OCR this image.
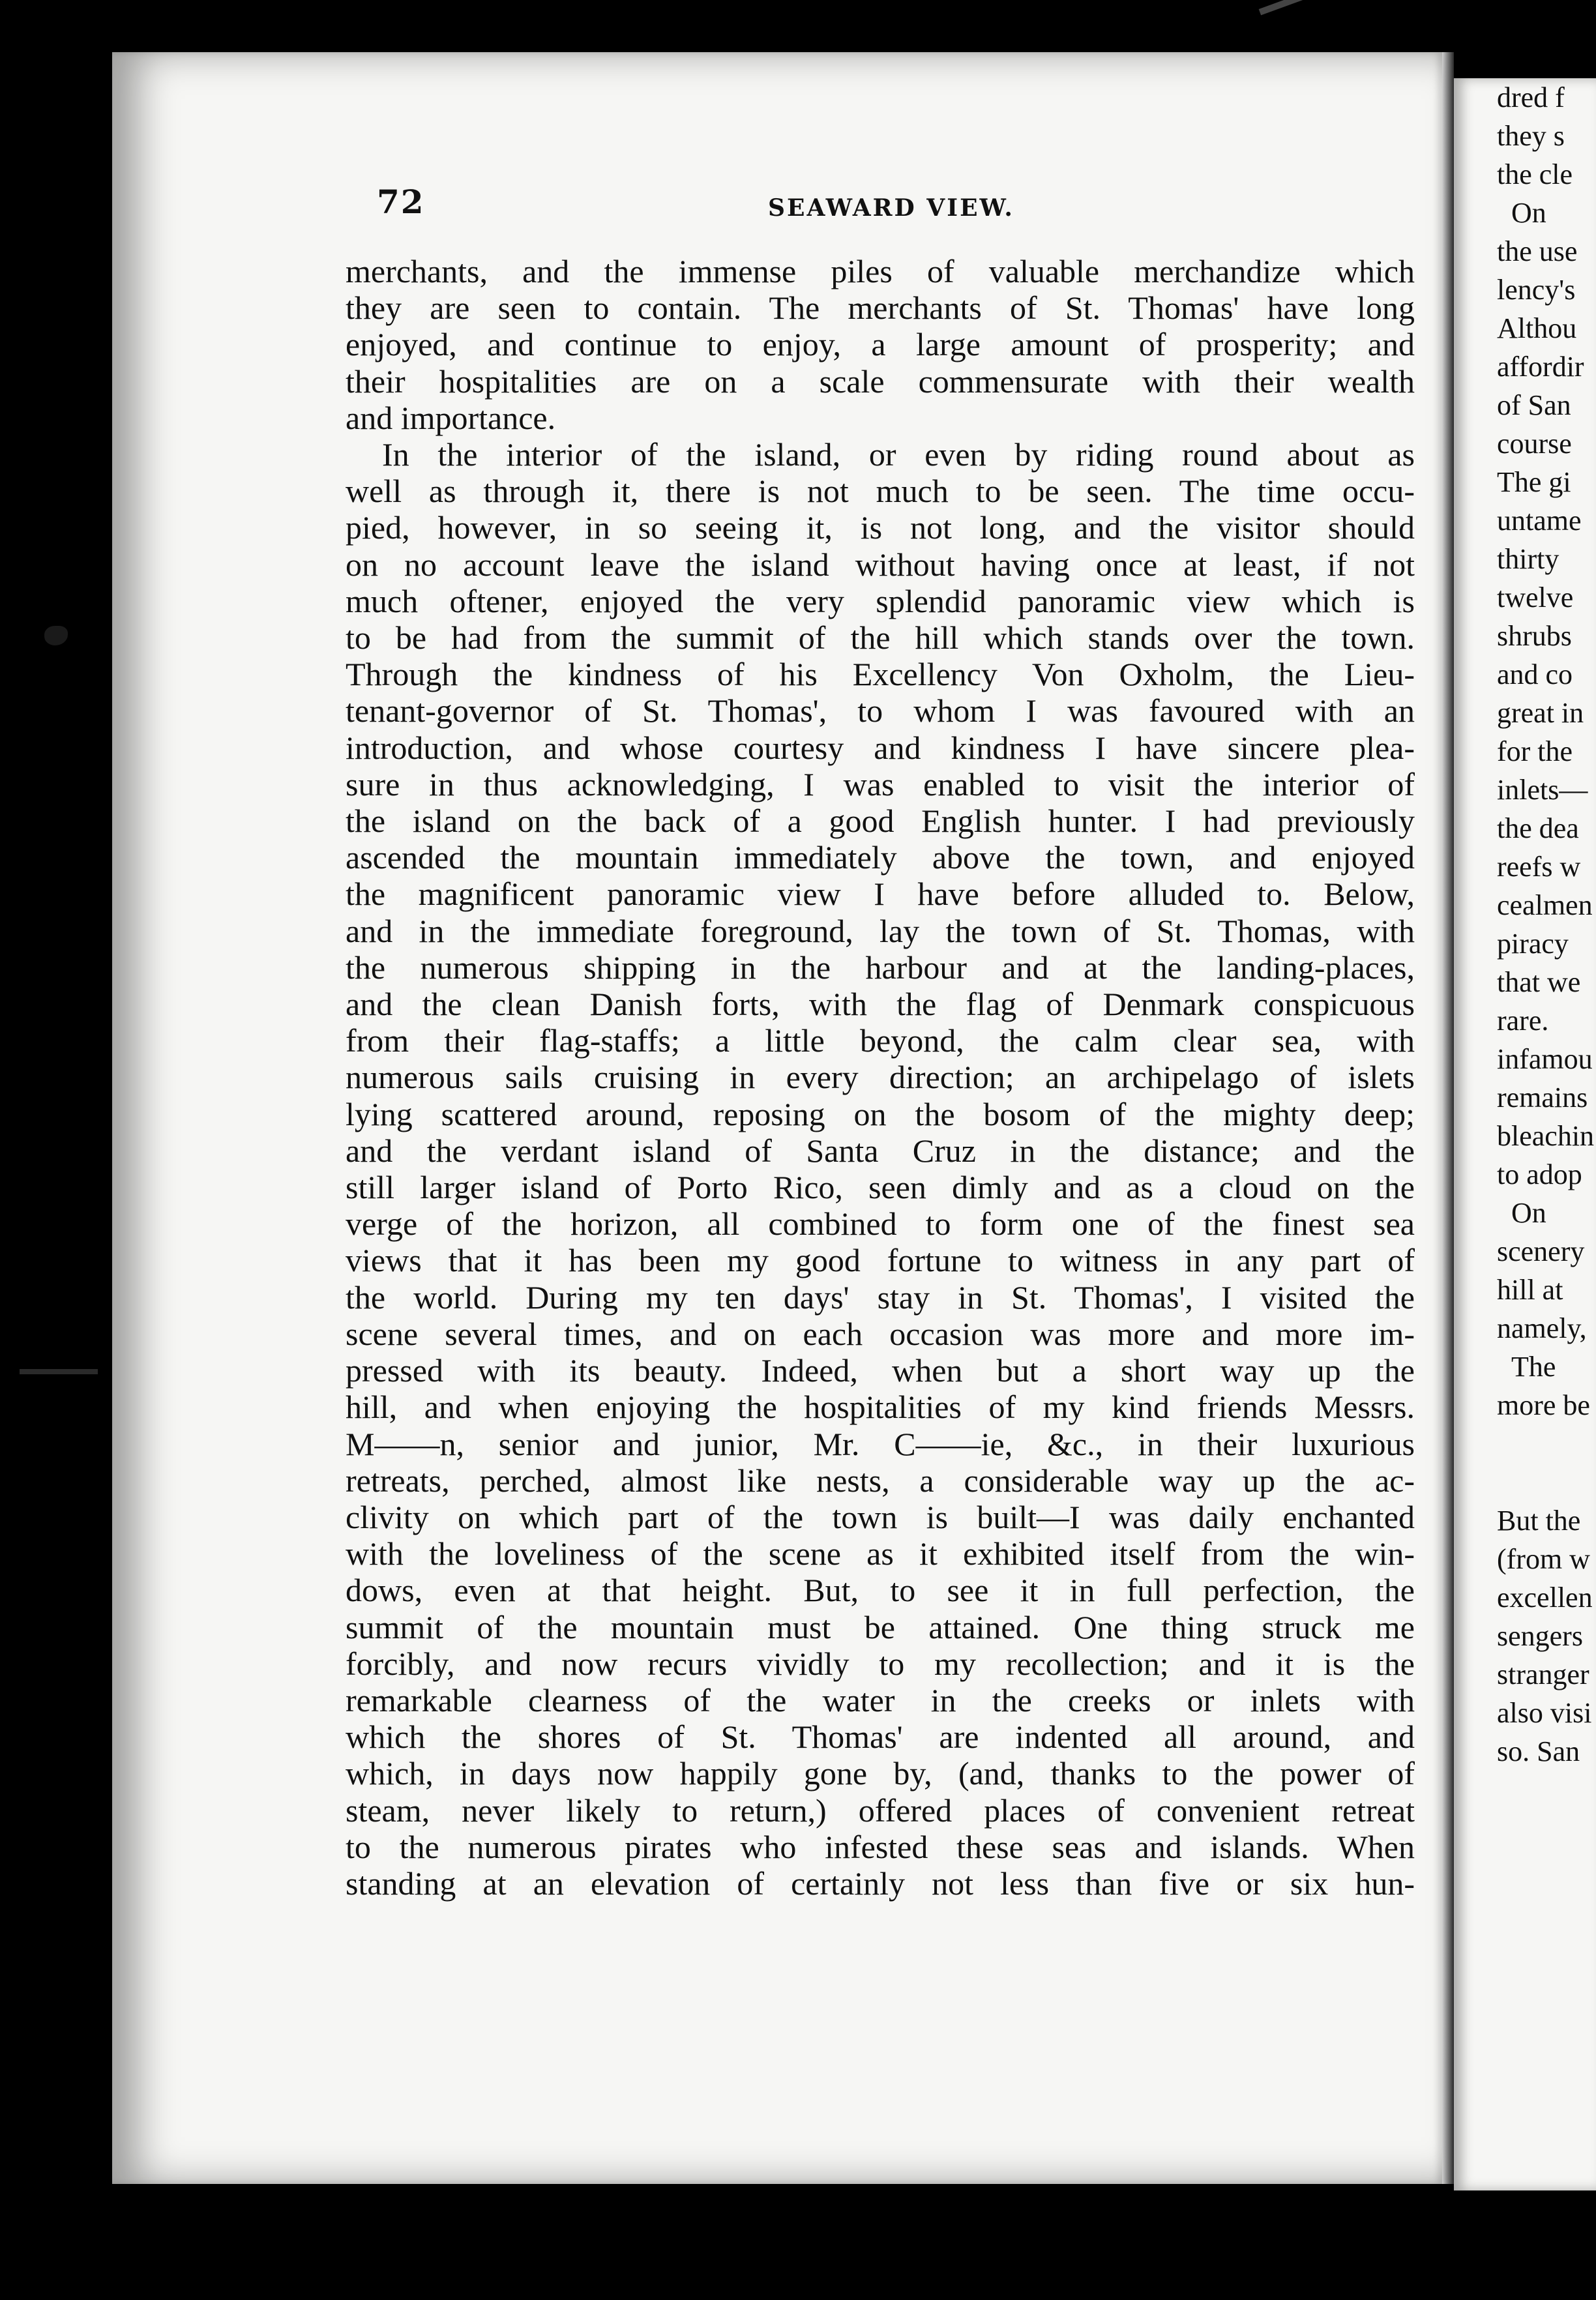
dred f
they s
the cle
On
the use
lency's
Althou
affordir
of San
course
The gi
untame
thirty
twelve
shrubs
and co
great in
for the
inlets—
the dea
reefs w
cealmen
piracy
that we
rare.
infamou
remains
bleachin
to adop
On
scenery
hill at
namely,
The
more be
But the
(from w
excellen
sengers
stranger
also visi
so. San
72	SEAWARD VIEW.

merchants, and the immense piles of valuable merchandize which
they are seen to contain. The merchants of St. Thomas' have long
enjoyed, and continue to enjoy, a large amount of prosperity; and
their hospitalities are on a scale commensurate with their wealth
and importance.

In the interior of the island, or even by riding round about as
well as through it, there is not much to be seen. The time occu-
pied, however, in so seeing it, is not long, and the visitor should
on no account leave the island without having once at least, if not
much oftener, enjoyed the very splendid panoramic view which is
to be had from the summit of the hill which stands over the town.
Through the kindness of his Excellency Von Oxholm, the Lieu-
tenant-governor of St. Thomas', to whom I was favoured with an
introduction, and whose courtesy and kindness I have sincere plea-
sure in thus acknowledging, I was enabled to visit the interior of
the island on the back of a good English hunter. I had previously
ascended the mountain immediately above the town, and enjoyed
the magnificent panoramic view I have before alluded to. Below,
and in the immediate foreground, lay the town of St. Thomas, with
the numerous shipping in the harbour and at the landing-places,
and the clean Danish forts, with the flag of Denmark conspicuous
from their flag-staffs; a little beyond, the calm clear sea, with
numerous sails cruising in every direction; an archipelago of islets
lying scattered around, reposing on the bosom of the mighty deep;
and the verdant island of Santa Cruz in the distance; and the
still larger island of Porto Rico, seen dimly and as a cloud on the
verge of the horizon, all combined to form one of the finest sea
views that it has been my good fortune to witness in any part of
the world. During my ten days' stay in St. Thomas', I visited the
scene several times, and on each occasion was more and more im-
pressed with its beauty. Indeed, when but a short way up the
hill, and when enjoying the hospitalities of my kind friends Messrs.
M——n, senior and junior, Mr. C——ie, &c., in their luxurious
retreats, perched, almost like nests, a considerable way up the ac-
clivity on which part of the town is built—I was daily enchanted
with the loveliness of the scene as it exhibited itself from the win-
dows, even at that height. But, to see it in full perfection, the
summit of the mountain must be attained. One thing struck me
forcibly, and now recurs vividly to my recollection; and it is the
remarkable clearness of the water in the creeks or inlets with
which the shores of St. Thomas' are indented all around, and
which, in days now happily gone by, (and, thanks to the power of
steam, never likely to return,) offered places of convenient retreat
to the numerous pirates who infested these seas and islands. When
standing at an elevation of certainly not less than five or six hun-
